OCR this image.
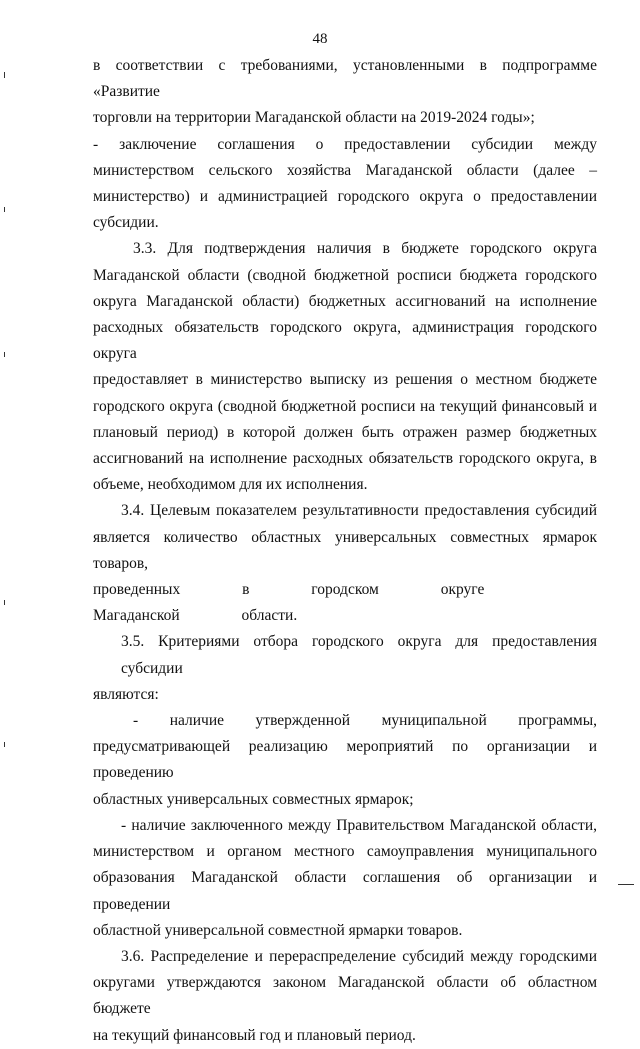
48
в соответствии с требованиями, установленными в подпрограмме «Развитие
торговли на территории Магаданской области на 2019-2024 годы»;
- заключение соглашения о предоставлении субсидии между
министерством сельского хозяйства Магаданской области (далее –
министерство) и администрацией городского округа о предоставлении
субсидии.
3.3. Для подтверждения наличия в бюджете городского округа
Магаданской области (сводной бюджетной росписи бюджета городского
округа Магаданской области) бюджетных ассигнований на исполнение
расходных обязательств городского округа, администрация городского округа
предоставляет в министерство выписку из решения о местном бюджете
городского округа (сводной бюджетной росписи на текущий финансовый и
плановый период) в которой должен быть отражен размер бюджетных
ассигнований на исполнение расходных обязательств городского округа, в
объеме, необходимом для их исполнения.
3.4. Целевым показателем результативности предоставления субсидий
является количество областных универсальных совместных ярмарок товаров,
проведенных в городском округе Магаданской области.
3.5. Критериями отбора городского округа для предоставления субсидии
являются:
- наличие утвержденной муниципальной программы,
предусматривающей реализацию мероприятий по организации и проведению
областных универсальных совместных ярмарок;
- наличие заключенного между Правительством Магаданской области,
министерством и органом местного самоуправления муниципального
образования Магаданской области соглашения об организации и проведении
областной универсальной совместной ярмарки товаров.
3.6. Распределение и перераспределение субсидий между городскими
округами утверждаются законом Магаданской области об областном бюджете
на текущий финансовый год и плановый период.
